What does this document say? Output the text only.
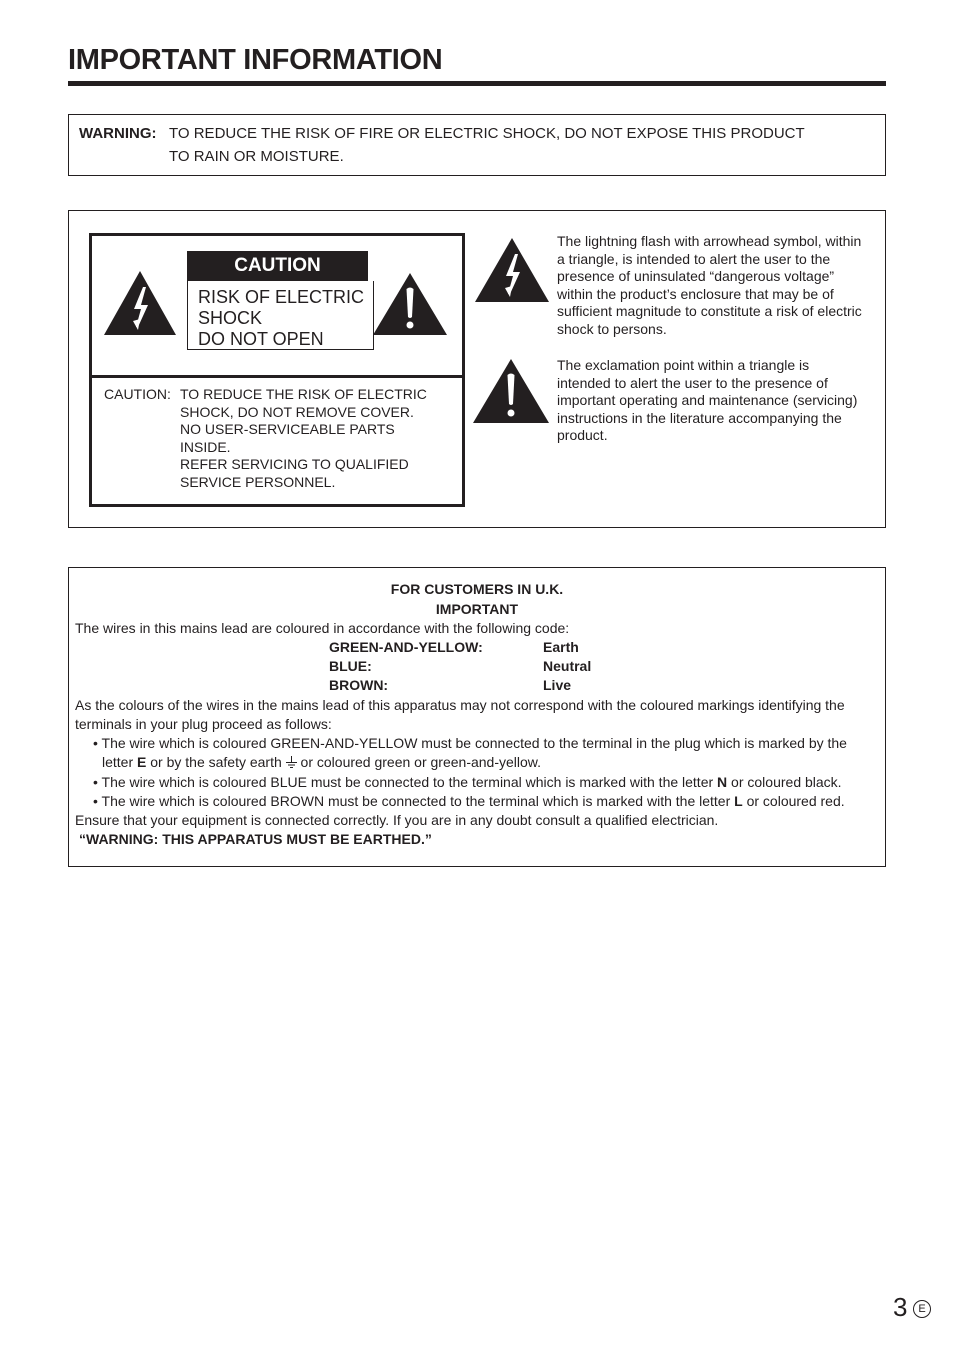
IMPORTANT INFORMATION
WARNING: TO REDUCE THE RISK OF FIRE OR ELECTRIC SHOCK, DO NOT EXPOSE THIS PRODUCT
TO RAIN OR MOISTURE.
CAUTION
RISK OF ELECTRIC
SHOCK
DO NOT OPEN
CAUTION: TO REDUCE THE RISK OF ELECTRIC
SHOCK, DO NOT REMOVE COVER.
NO USER-SERVICEABLE PARTS
INSIDE.
REFER SERVICING TO QUALIFIED
SERVICE PERSONNEL.
The lightning flash with arrowhead symbol, within
a triangle, is intended to alert the user to the
presence of uninsulated “dangerous voltage”
within the product’s enclosure that may be of
sufficient magnitude to constitute a risk of electric
shock to persons.
The exclamation point within a triangle is
intended to alert the user to the presence of
important operating and maintenance (servicing)
instructions in the literature accompanying the
product.
FOR CUSTOMERS IN U.K.
IMPORTANT
The wires in this mains lead are coloured in accordance with the following code:
GREEN-AND-YELLOW:	Earth
BLUE:	Neutral
BROWN:	Live
As the colours of the wires in the mains lead of this apparatus may not correspond with the coloured markings identifying the
terminals in your plug proceed as follows:
• The wire which is coloured GREEN-AND-YELLOW must be connected to the terminal in the plug which is marked by the
letter E or by the safety earth  or coloured green or green-and-yellow.
• The wire which is coloured BLUE must be connected to the terminal which is marked with the letter N or coloured black.
• The wire which is coloured BROWN must be connected to the terminal which is marked with the letter L or coloured red.
Ensure that your equipment is connected correctly. If you are in any doubt consult a qualified electrician.
“WARNING: THIS APPARATUS MUST BE EARTHED.”
3 E
